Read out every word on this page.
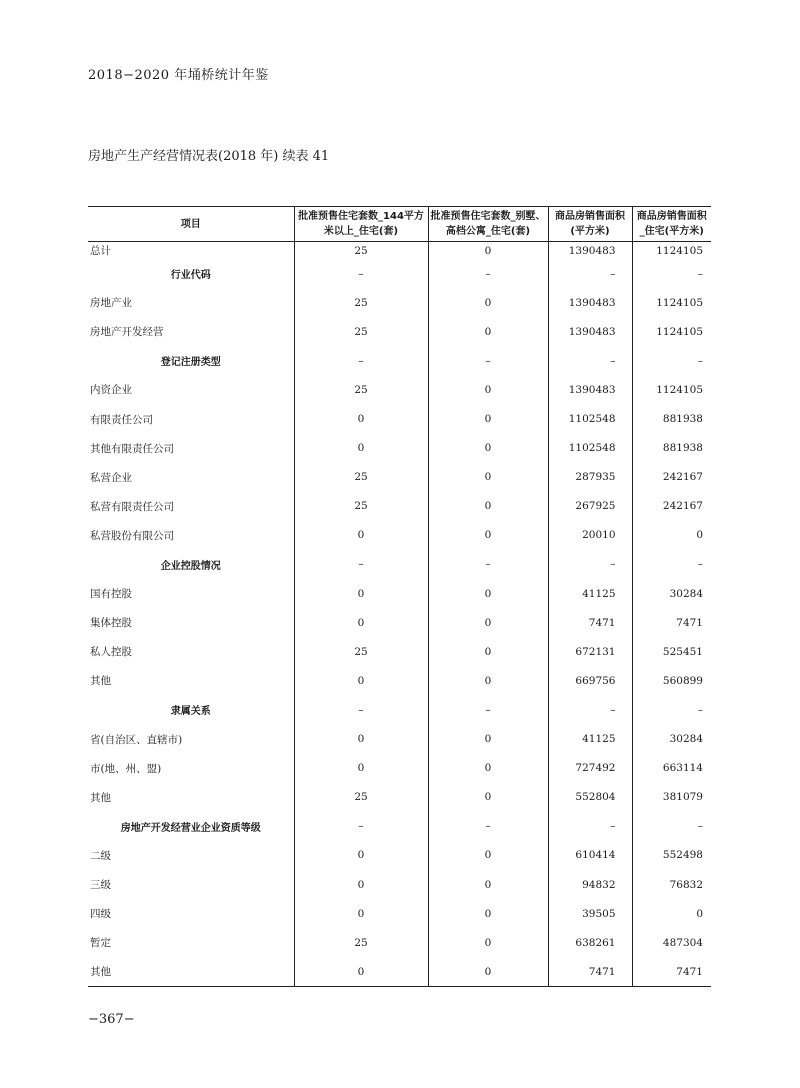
2018−2020 年埇桥统计年鉴
房地产生产经营情况表(2018 年) 续表 41
项目	批准预售住宅套数_144平方米以上_住宅(套)	批准预售住宅套数_别墅、高档公寓_住宅(套)	商品房销售面积(平方米)	商品房销售面积_住宅(平方米)
总计	25	0	1390483	1124105
行业代码	–	–	–	–
房地产业	25	0	1390483	1124105
房地产开发经营	25	0	1390483	1124105
登记注册类型	–	–	–	–
内资企业	25	0	1390483	1124105
有限责任公司	0	0	1102548	881938
其他有限责任公司	0	0	1102548	881938
私营企业	25	0	287935	242167
私营有限责任公司	25	0	267925	242167
私营股份有限公司	0	0	20010	0
企业控股情况	–	–	–	–
国有控股	0	0	41125	30284
集体控股	0	0	7471	7471
私人控股	25	0	672131	525451
其他	0	0	669756	560899
隶属关系	–	–	–	–
省(自治区、直辖市)	0	0	41125	30284
市(地、州、盟)	0	0	727492	663114
其他	25	0	552804	381079
房地产开发经营业企业资质等级	–	–	–	–
二级	0	0	610414	552498
三级	0	0	94832	76832
四级	0	0	39505	0
暂定	25	0	638261	487304
其他	0	0	7471	7471
−367−
